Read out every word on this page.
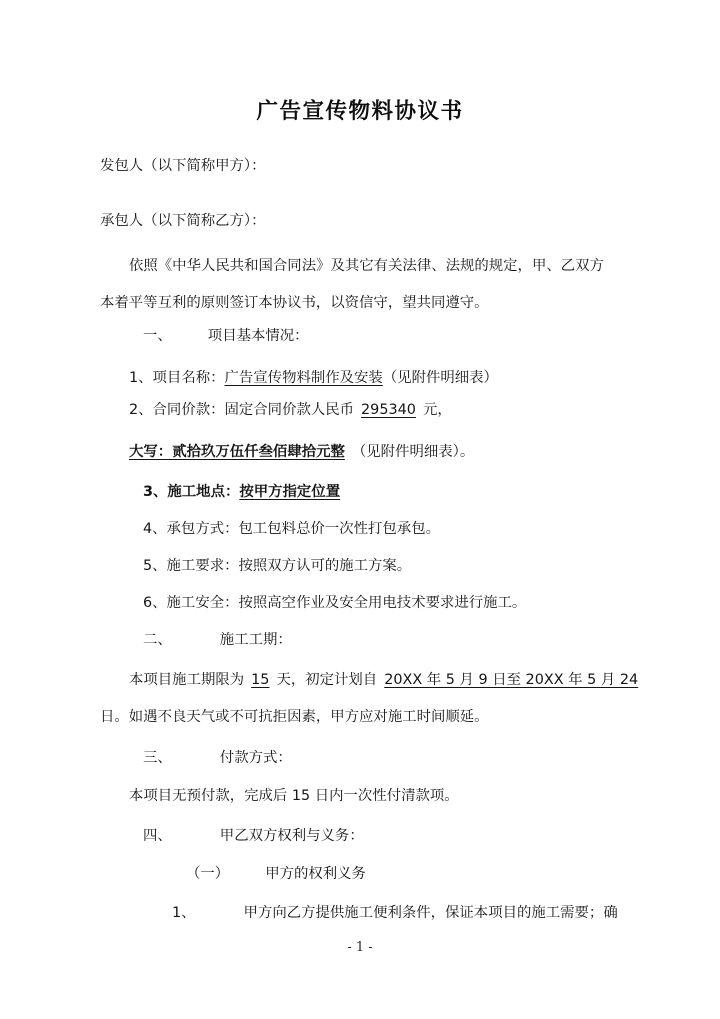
广告宣传物料协议书
发包人（以下简称甲方）：
承包人（以下简称乙方）：
依照《中华人民共和国合同法》及其它有关法律、法规的规定，甲、乙双方本着平等互利的原则签订本协议书，以资信守，望共同遵守。
一、	项目基本情况：
1、项目名称：广告宣传物料制作及安装（见附件明细表）
2、合同价款：固定合同价款人民币 295340 元，
大写：贰拾玖万伍仟叁佰肆拾元整 （见附件明细表）。
3、施工地点：按甲方指定位置
4、承包方式：包工包料总价一次性打包承包。
5、施工要求：按照双方认可的施工方案。
6、施工安全：按照高空作业及安全用电技术要求进行施工。
二、	施工工期：
本项目施工期限为 15 天，初定计划自 20XX 年 5 月 9 日至 20XX 年 5 月 24
日。如遇不良天气或不可抗拒因素，甲方应对施工时间顺延。
三、	付款方式：
本项目无预付款，完成后 15 日内一次性付清款项。
四、	甲乙双方权利与义务：
（一）	甲方的权利义务
1、	甲方向乙方提供施工便利条件，保证本项目的施工需要；确
- 1 -
